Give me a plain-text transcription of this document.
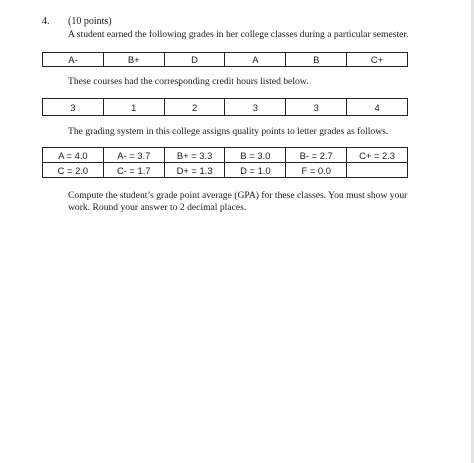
4. (10 points)
A student earned the following grades in her college classes during a particular semester.
A-	B+	D	A	B	C+
These courses had the corresponding credit hours listed below.
3	1	2	3	3	4
The grading system in this college assigns quality points to letter grades as follows.
A = 4.0	A- = 3.7	B+ = 3.3	B = 3.0	B- = 2.7	C+ = 2.3
C = 2.0	C- = 1.7	D+ = 1.3	D = 1.0	F = 0.0
Compute the student’s grade point average (GPA) for these classes. You must show your work. Round your answer to 2 decimal places.
